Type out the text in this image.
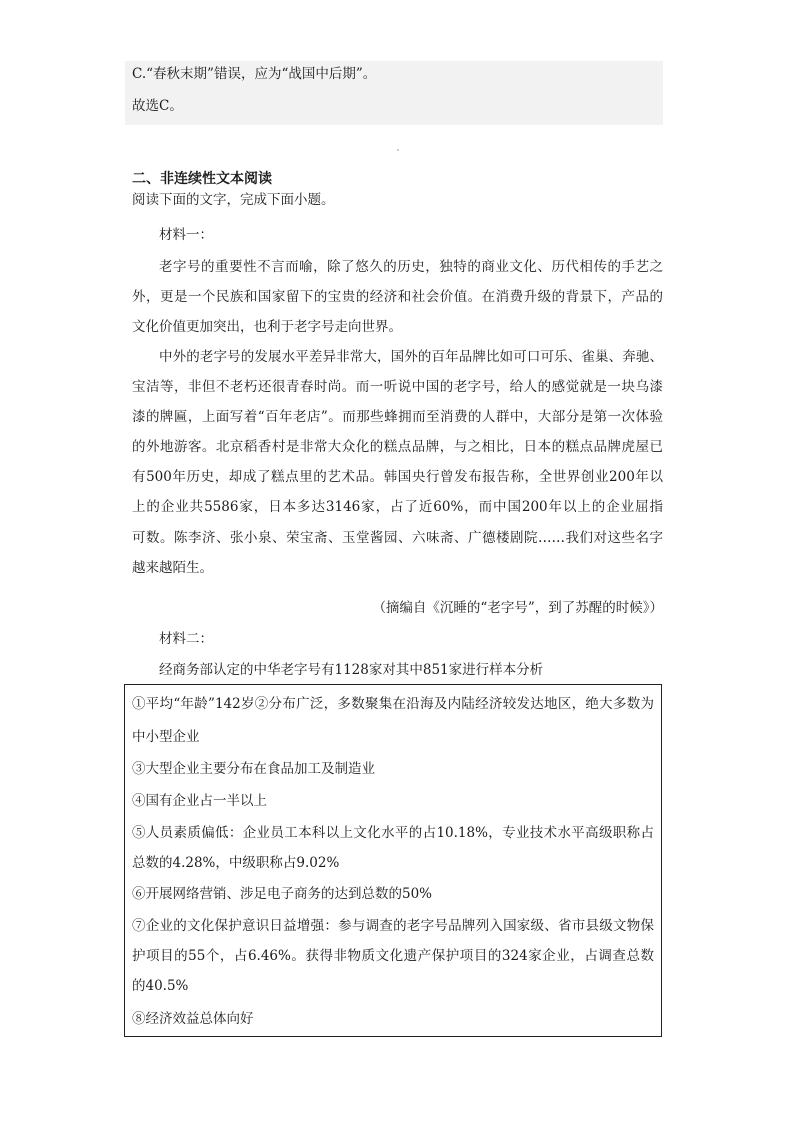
C.“春秋末期”错误，应为“战国中后期”。
故选C。
二、非连续性文本阅读
阅读下面的文字，完成下面小题。
材料一：
老字号的重要性不言而喻，除了悠久的历史，独特的商业文化、历代相传的手艺之
外，更是一个民族和国家留下的宝贵的经济和社会价值。在消费升级的背景下，产品的
文化价值更加突出，也利于老字号走向世界。
中外的老字号的发展水平差异非常大，国外的百年品牌比如可口可乐、雀巢、奔驰、
宝洁等，非但不老朽还很青春时尚。而一听说中国的老字号，给人的感觉就是一块乌漆
漆的牌匾，上面写着“百年老店”。而那些蜂拥而至消费的人群中，大部分是第一次体验
的外地游客。北京稻香村是非常大众化的糕点品牌，与之相比，日本的糕点品牌虎屋已
有500年历史，却成了糕点里的艺术品。韩国央行曾发布报告称，全世界创业200年以
上的企业共5586家，日本多达3146家，占了近60%，而中国200年以上的企业屈指
可数。陈李济、张小泉、荣宝斋、玉堂酱园、六味斋、广德楼剧院……我们对这些名字
越来越陌生。
（摘编自《沉睡的“老字号”，到了苏醒的时候》）
材料二：
经商务部认定的中华老字号有1128家对其中851家进行样本分析
①平均“年龄”142岁②分布广泛，多数聚集在沿海及内陆经济较发达地区，绝大多数为
中小型企业
③大型企业主要分布在食品加工及制造业
④国有企业占一半以上
⑤人员素质偏低：企业员工本科以上文化水平的占10.18%，专业技术水平高级职称占
总数的4.28%，中级职称占9.02%
⑥开展网络营销、涉足电子商务的达到总数的50%
⑦企业的文化保护意识日益增强：参与调查的老字号品牌列入国家级、省市县级文物保
护项目的55个，占6.46%。获得非物质文化遗产保护项目的324家企业，占调查总数
的40.5%
⑧经济效益总体向好
